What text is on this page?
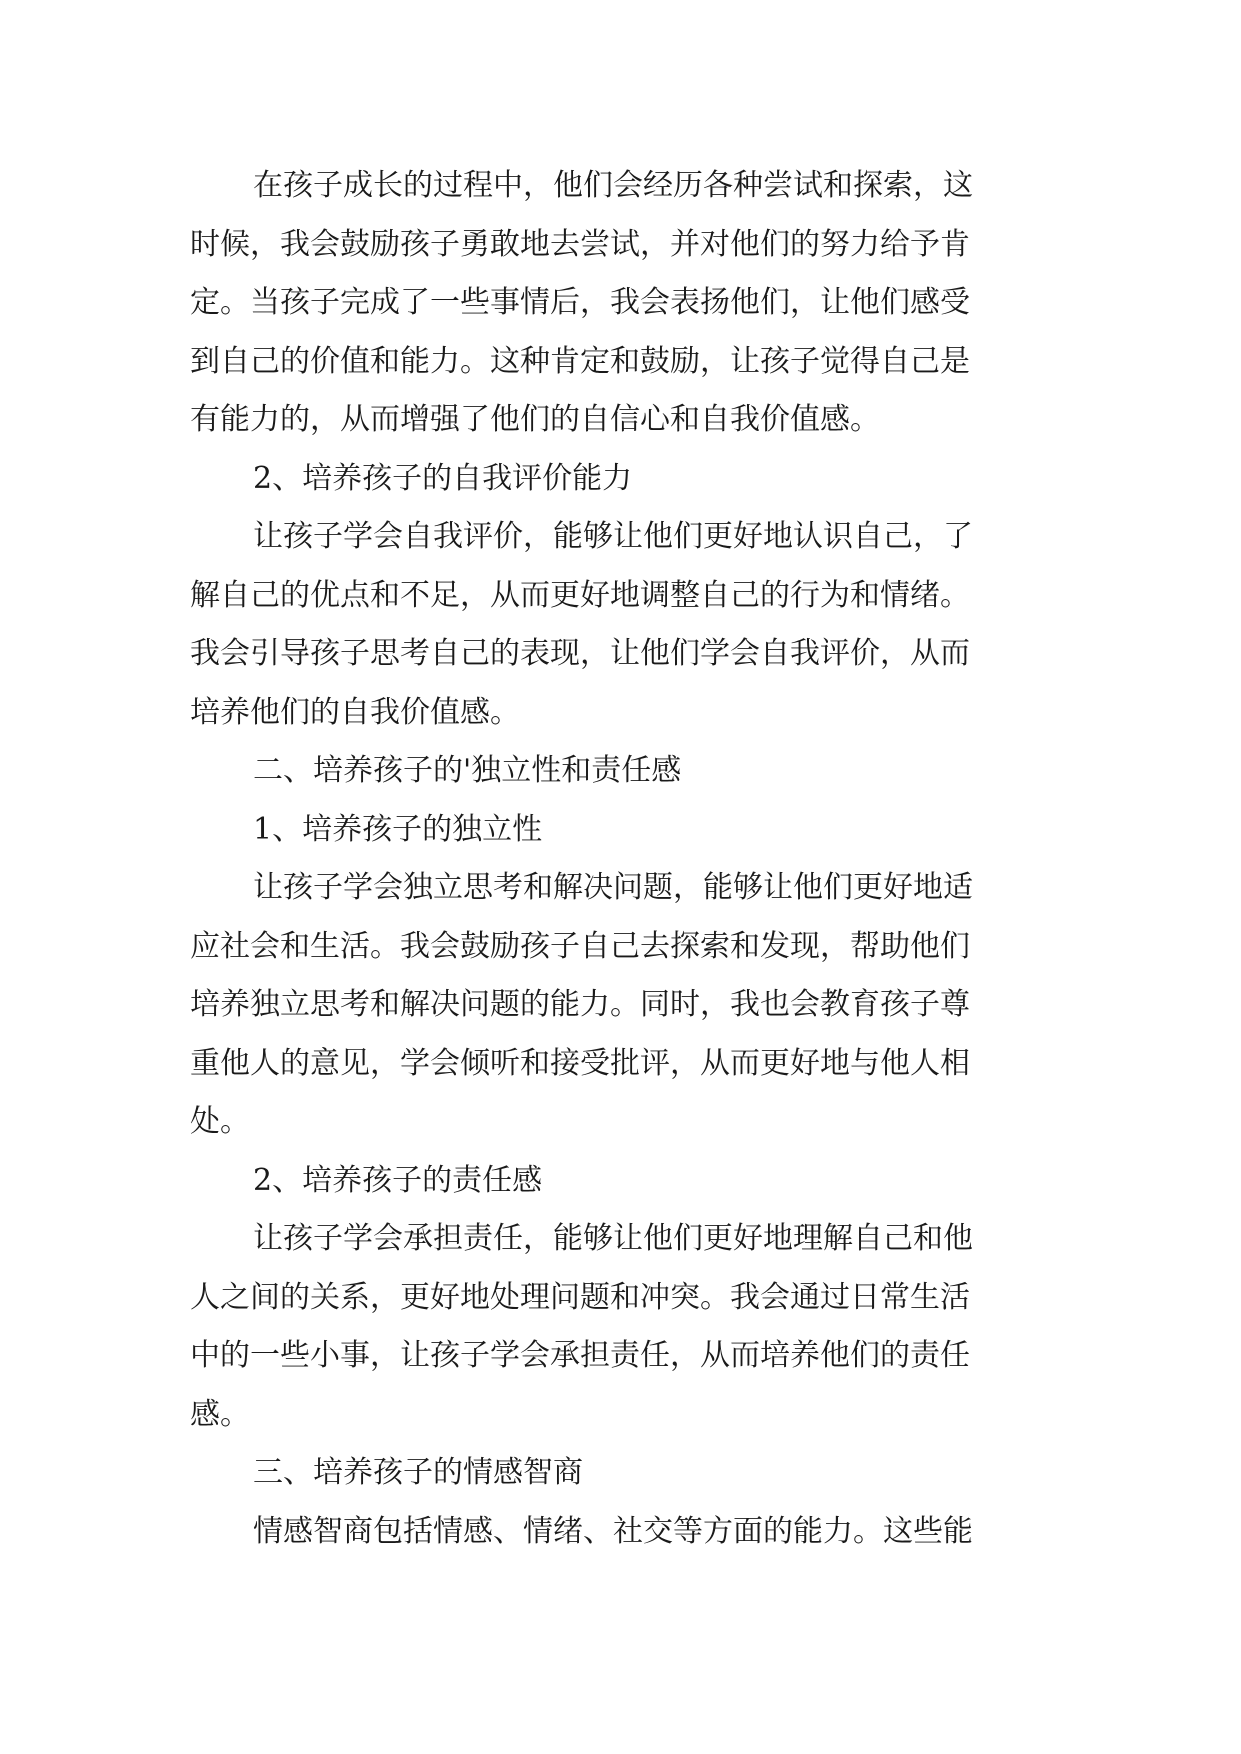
在孩子成长的过程中，他们会经历各种尝试和探索，这
时候，我会鼓励孩子勇敢地去尝试，并对他们的努力给予肯
定。当孩子完成了一些事情后，我会表扬他们，让他们感受
到自己的价值和能力。这种肯定和鼓励，让孩子觉得自己是
有能力的，从而增强了他们的自信心和自我价值感。
2、培养孩子的自我评价能力
让孩子学会自我评价，能够让他们更好地认识自己，了
解自己的优点和不足，从而更好地调整自己的行为和情绪。
我会引导孩子思考自己的表现，让他们学会自我评价，从而
培养他们的自我价值感。
二、培养孩子的'独立性和责任感
1、培养孩子的独立性
让孩子学会独立思考和解决问题，能够让他们更好地适
应社会和生活。我会鼓励孩子自己去探索和发现，帮助他们
培养独立思考和解决问题的能力。同时，我也会教育孩子尊
重他人的意见，学会倾听和接受批评，从而更好地与他人相
处。
2、培养孩子的责任感
让孩子学会承担责任，能够让他们更好地理解自己和他
人之间的关系，更好地处理问题和冲突。我会通过日常生活
中的一些小事，让孩子学会承担责任，从而培养他们的责任
感。
三、培养孩子的情感智商
情感智商包括情感、情绪、社交等方面的能力。这些能
